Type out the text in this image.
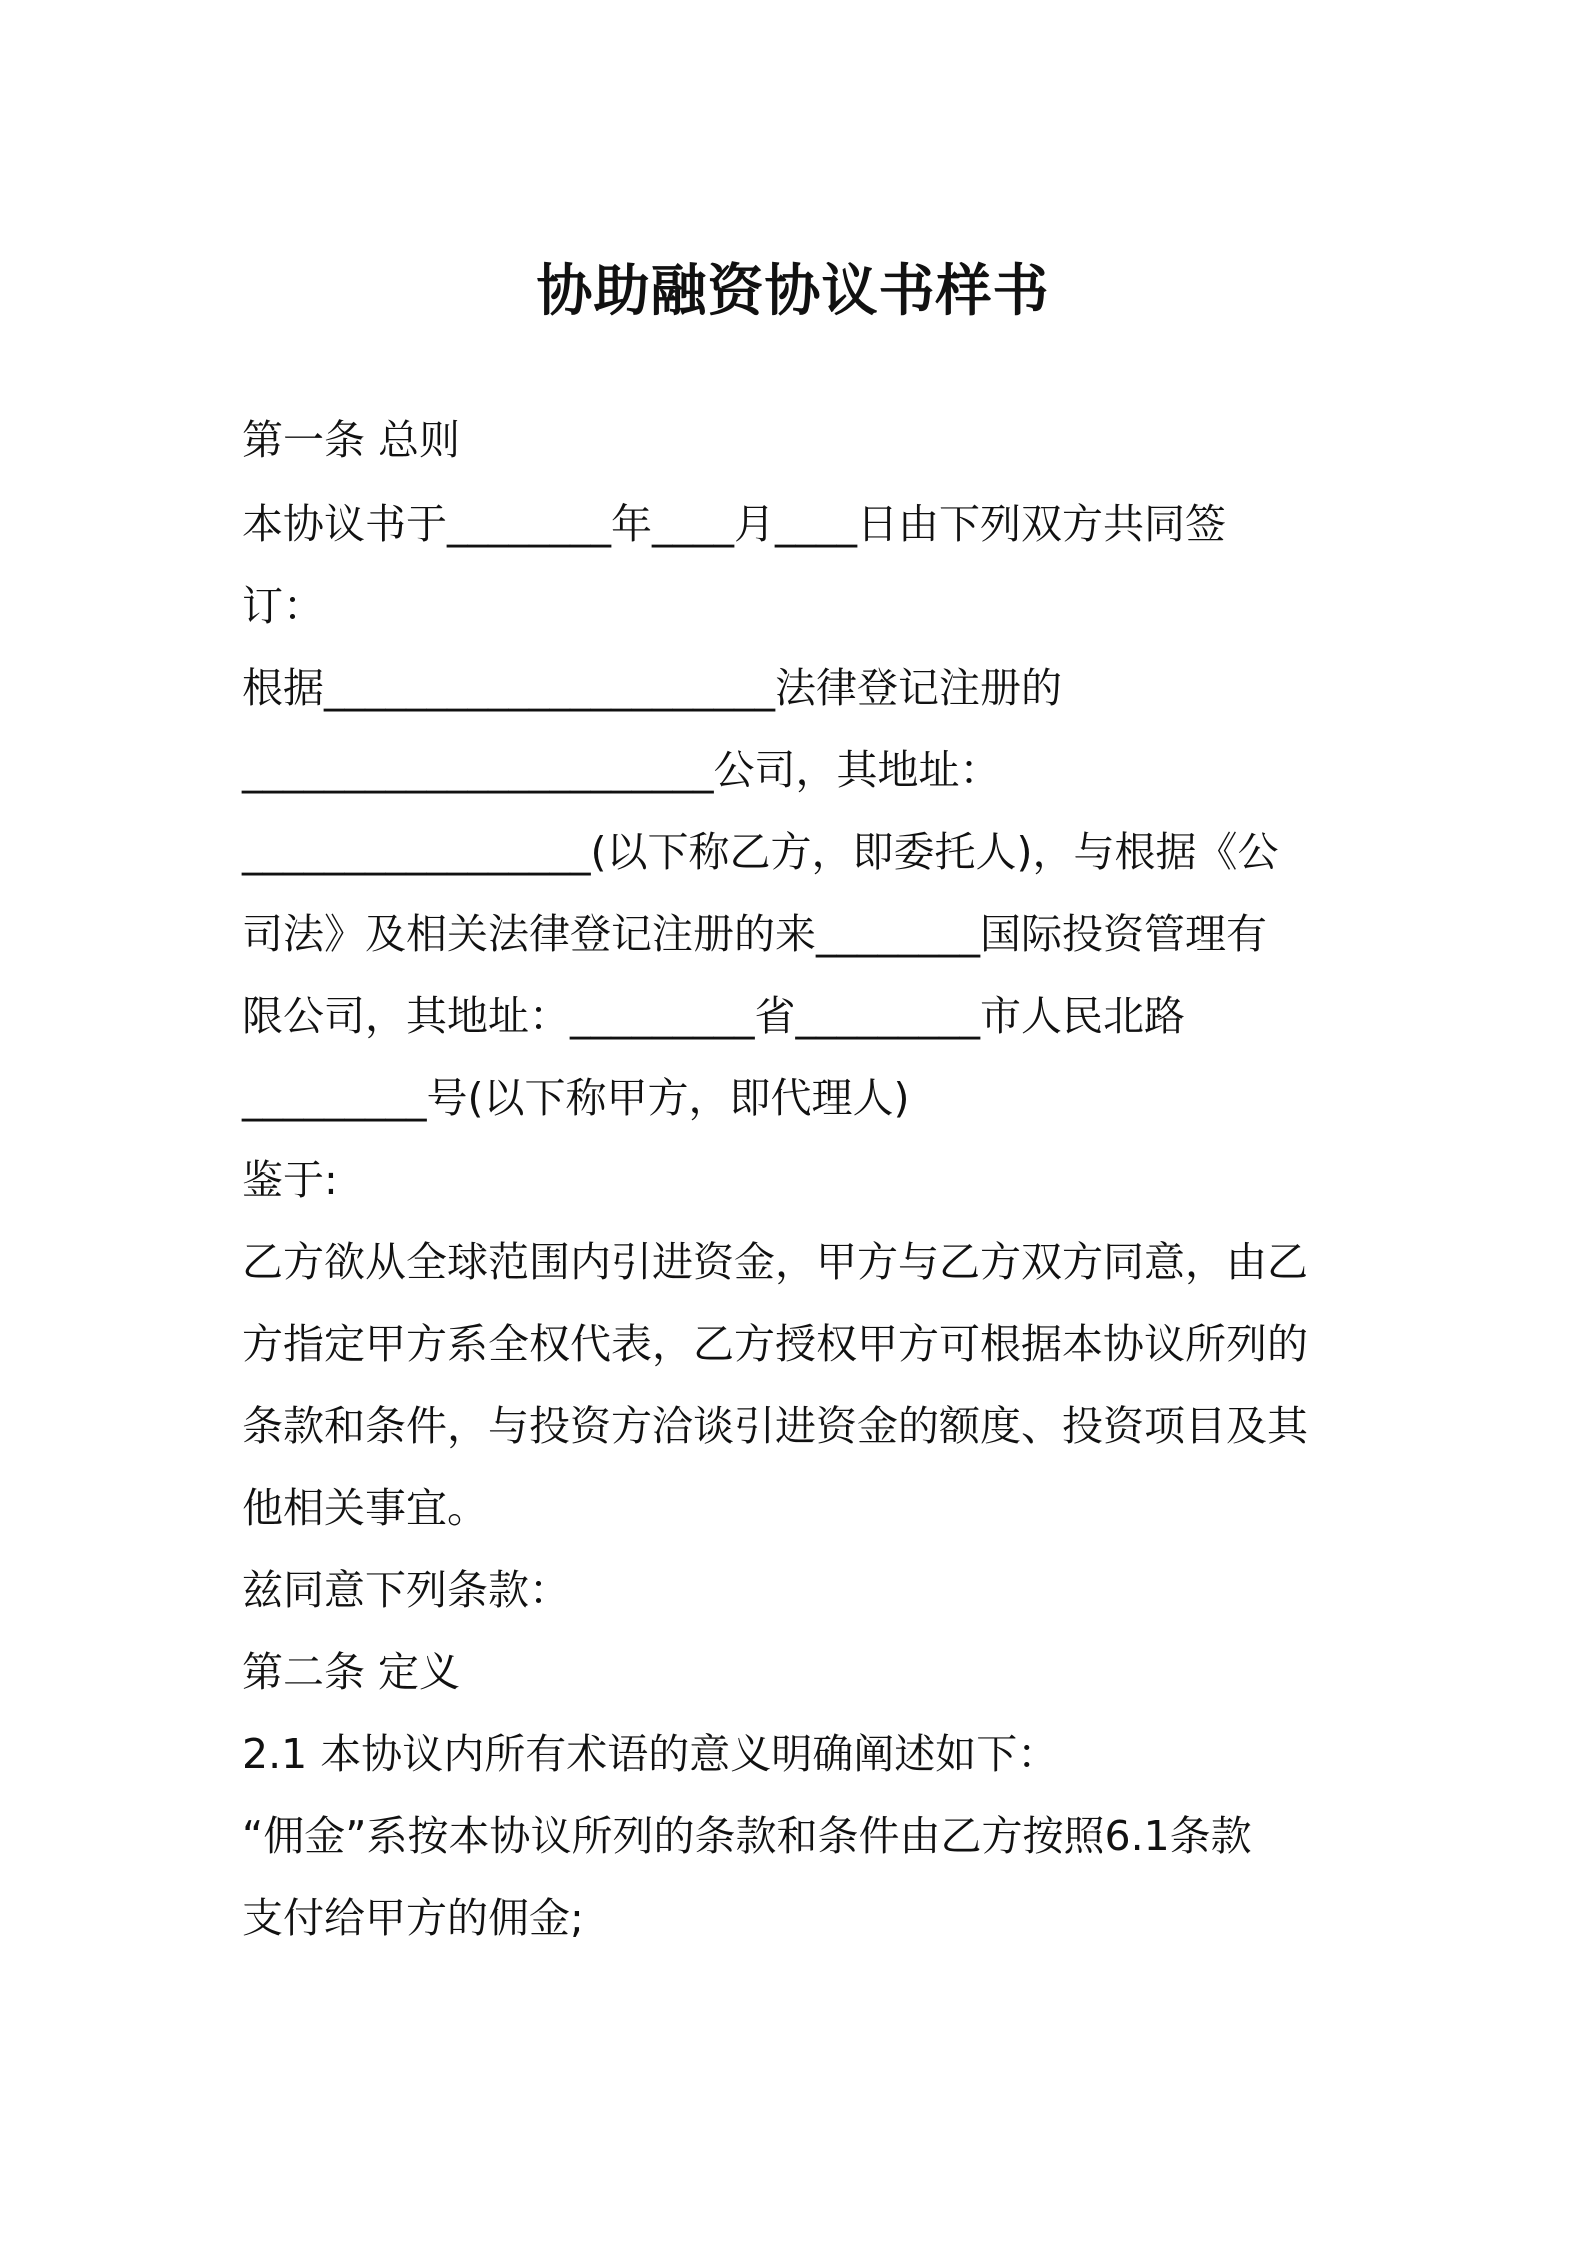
协助融资协议书样书
第一条 总则
本协议书于________年____月____日由下列双方共同签
订：
根据______________________法律登记注册的
_______________________公司，其地址：
_________________(以下称乙方，即委托人)，与根据《公
司法》及相关法律登记注册的来________国际投资管理有
限公司，其地址：_________省_________市人民北路
_________号(以下称甲方，即代理人)
鉴于:
乙方欲从全球范围内引进资金，甲方与乙方双方同意，由乙
方指定甲方系全权代表，乙方授权甲方可根据本协议所列的
条款和条件，与投资方洽谈引进资金的额度、投资项目及其
他相关事宜。
兹同意下列条款：
第二条 定义
2.1 本协议内所有术语的意义明确阐述如下：
“佣金”系按本协议所列的条款和条件由乙方按照6.1条款
支付给甲方的佣金;
